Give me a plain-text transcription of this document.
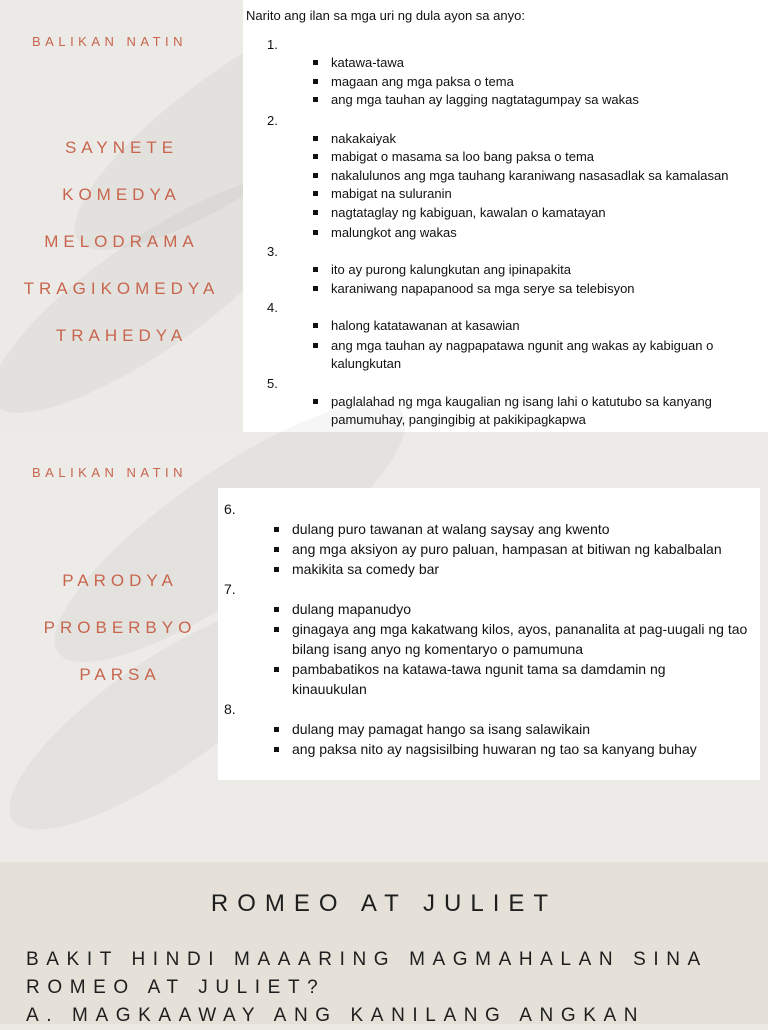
BALIKAN NATIN
SAYNETE
KOMEDYA
MELODRAMA
TRAGIKOMEDYA
TRAHEDYA
Narito ang ilan sa mga uri ng dula ayon sa anyo:
1.
katawa-tawa
magaan ang mga paksa o tema
ang mga tauhan ay lagging nagtatagumpay sa wakas
2.
nakakaiyak
mabigat o masama sa loo bang paksa o tema
nakalulunos ang mga tauhang karaniwang nasasadlak sa kamalasan
mabigat na suluranin
nagtataglay ng kabiguan, kawalan o kamatayan
malungkot ang wakas
3.
ito ay purong kalungkutan ang ipinapakita
karaniwang napapanood sa mga serye sa telebisyon
4.
halong katatawanan at kasawian
ang mga tauhan ay nagpapatawa ngunit ang wakas ay kabiguan o kalungkutan
5.
paglalahad ng mga kaugalian ng isang lahi o katutubo sa kanyang pamumuhay, pangingibig at pakikipagkapwa
BALIKAN NATIN
PARODYA
PROBERBYO
PARSA
6.
dulang puro tawanan at walang saysay ang kwento
ang mga aksiyon ay puro paluan, hampasan at bitiwan ng kabalbalan
makikita sa comedy bar
7.
dulang mapanudyo
ginagaya ang mga kakatwang kilos, ayos, pananalita at pag-uugali ng tao bilang isang anyo ng komentaryo o pamumuna
pambabatikos na katawa-tawa ngunit tama sa damdamin ng kinauukulan
8.
dulang may pamagat hango sa isang salawikain
ang paksa nito ay nagsisilbing huwaran ng tao sa kanyang buhay
ROMEO AT JULIET
BAKIT HINDI MAAARING MAGMAHALAN SINA
ROMEO AT JULIET?
A. MAGKAAWAY ANG KANILANG ANGKAN
